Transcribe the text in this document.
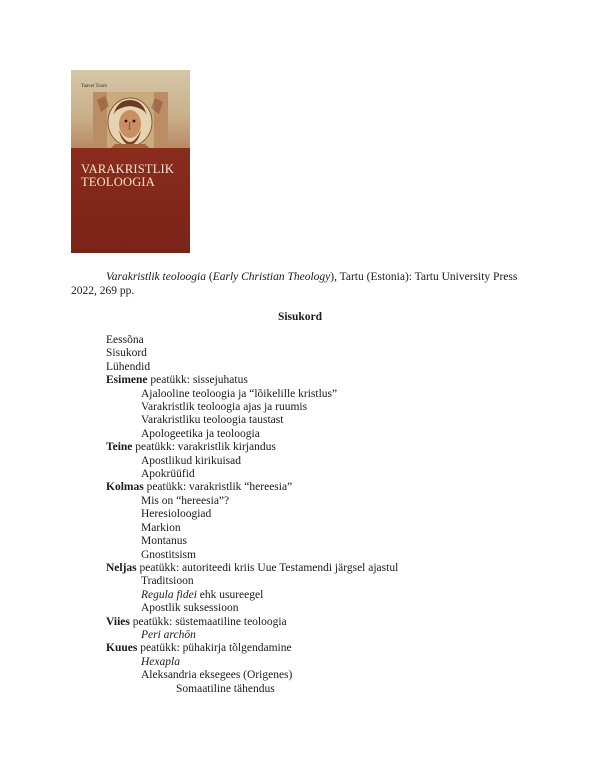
Taavet Toom
VARAKRISTLIK
TEOLOOGIA
Varakristlik teoloogia (Early Christian Theology), Tartu (Estonia): Tartu University Press 2022, 269 pp.
Sisukord
Eessõna
Sisukord
Lühendid
Esimene peatükk: sissejuhatus
Ajalooline teoloogia ja “lõikelille kristlus”
Varakristlik teoloogia ajas ja ruumis
Varakristliku teoloogia taustast
Apologeetika ja teoloogia
Teine peatükk: varakristlik kirjandus
Apostlikud kirikuisad
Apokrüüfid
Kolmas peatükk: varakristlik “hereesia”
Mis on “hereesia”?
Heresioloogiad
Markion
Montanus
Gnostitsism
Neljas peatükk: autoriteedi kriis Uue Testamendi järgsel ajastul
Traditsioon
Regula fidei ehk usureegel
Apostlik suksessioon
Viies peatükk: süstemaatiline teoloogia
Peri archōn
Kuues peatükk: pühakirja tõlgendamine
Hexapla
Aleksandria eksegees (Origenes)
Somaatiline tähendus
